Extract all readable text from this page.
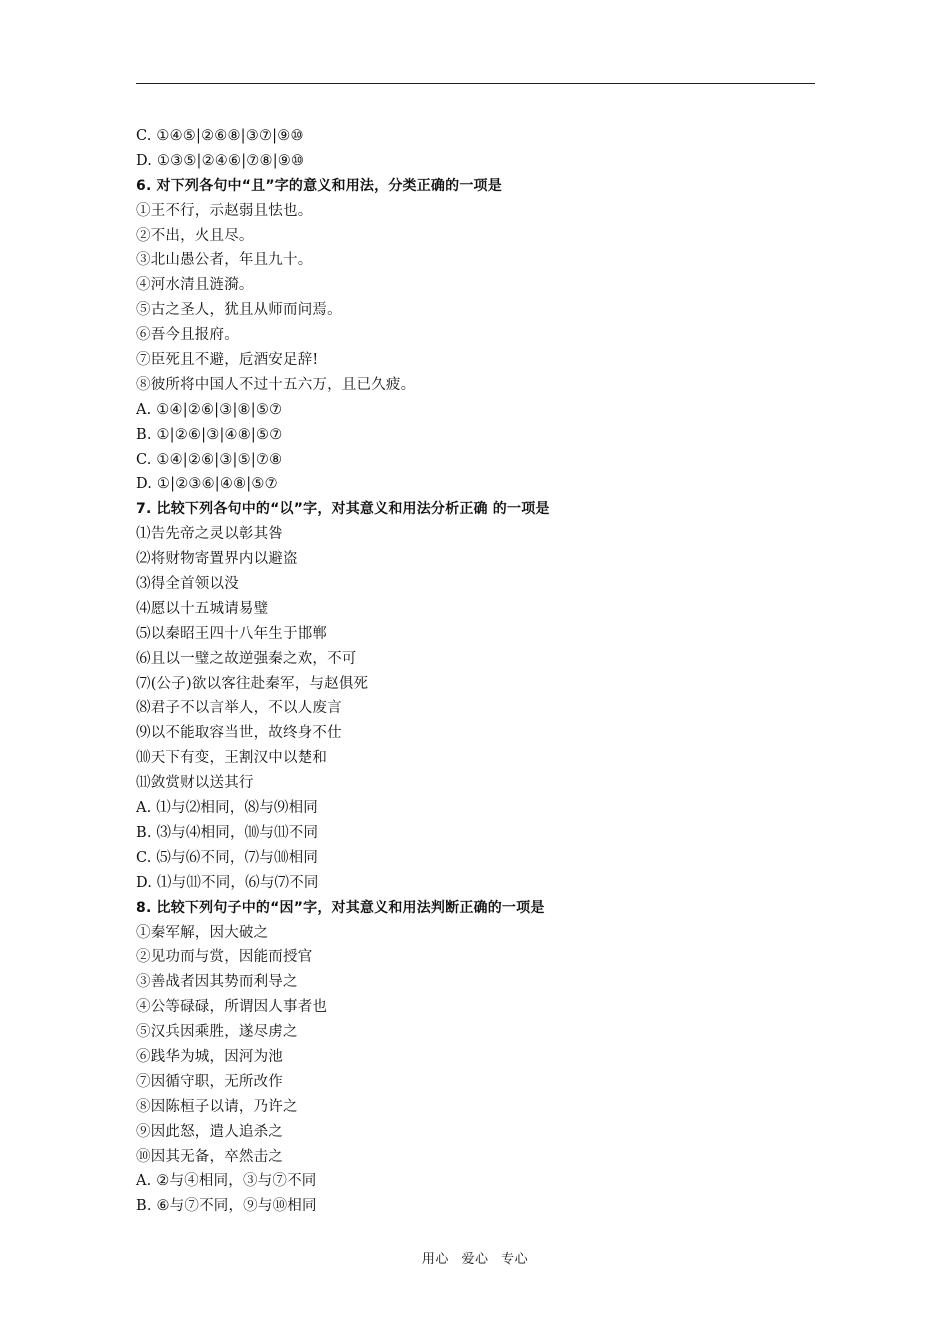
C. ①④⑤|②⑥⑧|③⑦|⑨⑩
D. ①③⑤|②④⑥|⑦⑧|⑨⑩
6. 对下列各句中“且”字的意义和用法，分类正确的一项是
①王不行，示赵弱且怯也。
②不出，火且尽。
③北山愚公者，年且九十。
④河水清且涟漪。
⑤古之圣人，犹且从师而问焉。
⑥吾今且报府。
⑦臣死且不避，卮酒安足辞!
⑧彼所将中国人不过十五六万，且已久疲。
A. ①④|②⑥|③|⑧|⑤⑦
B. ①|②⑥|③|④⑧|⑤⑦
C. ①④|②⑥|③|⑤|⑦⑧
D. ①|②③⑥|④⑧|⑤⑦
7. 比较下列各句中的“以”字，对其意义和用法分析正确 的一项是
⑴告先帝之灵以彰其咎
⑵将财物寄置界内以避盗
⑶得全首领以没
⑷愿以十五城请易璧
⑸以秦昭王四十八年生于邯郸
⑹且以一璧之故逆强秦之欢，不可
⑺(公子)欲以客往赴秦军，与赵俱死
⑻君子不以言举人，不以人废言
⑼以不能取容当世，故终身不仕
⑽天下有变，王割汉中以楚和
⑾敛赏财以送其行
A. ⑴与⑵相同，⑻与⑼相同
B. ⑶与⑷相同，⑽与⑾不同
C. ⑸与⑹不同，⑺与⑽相同
D. ⑴与⑾不同，⑹与⑺不同
8. 比较下列句子中的“因”字，对其意义和用法判断正确的一项是
①秦军解，因大破之
②见功而与赏，因能而授官
③善战者因其势而利导之
④公等碌碌，所谓因人事者也
⑤汉兵因乘胜，遂尽虏之
⑥践华为城，因河为池
⑦因循守职，无所改作
⑧因陈桓子以请，乃许之
⑨因此怒，遣人追杀之
⑩因其无备，卒然击之
A. ②与④相同，③与⑦不同
B. ⑥与⑦不同，⑨与⑩相同
用心 爱心 专心
